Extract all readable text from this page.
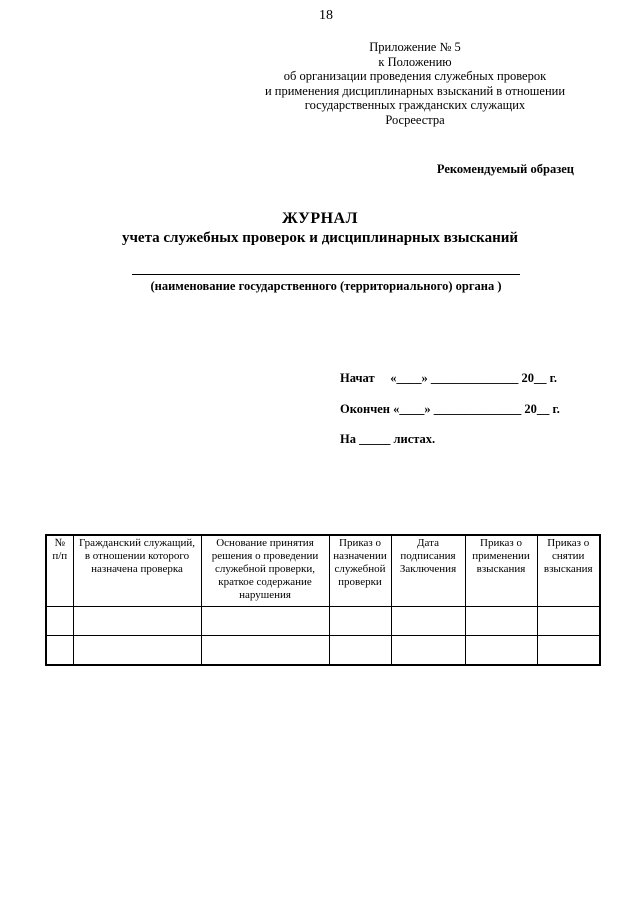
18
Приложение № 5
к Положению
об организации проведения служебных проверок
и применения дисциплинарных взысканий в отношении
государственных гражданских служащих
Росреестра
Рекомендуемый образец
ЖУРНАЛ
учета служебных проверок и дисциплинарных взысканий
(наименование государственного (территориального) органа )
Начат     «____» ______________ 20__ г.
Окончен «____» ______________ 20__ г.
На _____ листах.
№ п/п	Гражданский служащий, в отношении которого назначена проверка	Основание принятия решения о проведении служебной проверки, краткое содержание нарушения	Приказ о назначении служебной проверки	Дата подписания Заключения	Приказ о применении взыскания	Приказ о снятии взыскания
